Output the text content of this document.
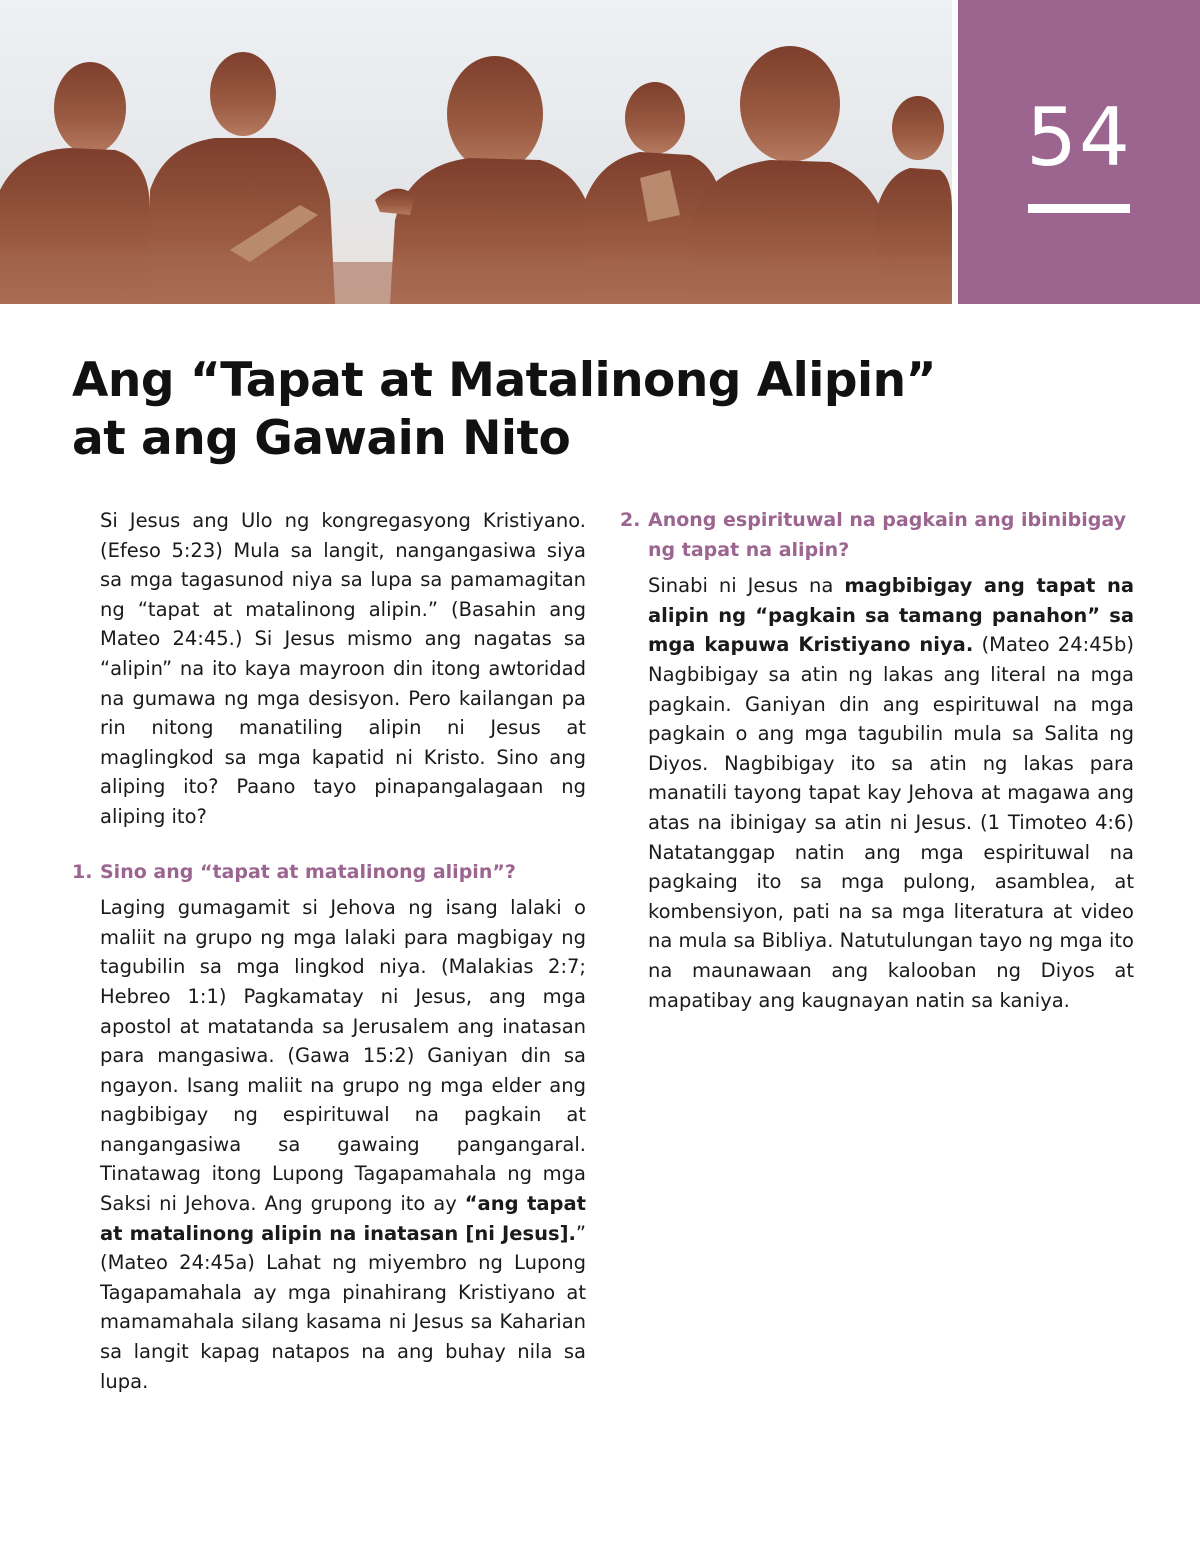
54
Ang “Tapat at Matalinong Alipin”
at ang Gawain Nito

Si Jesus ang Ulo ng kongregasyong Kristiyano. (Efeso 5:23) Mula sa langit, nangangasiwa siya sa mga tagasunod niya sa lupa sa pamamagitan ng “tapat at matalinong alipin.” (Basahin ang Mateo 24:45.) Si Jesus mismo ang nagatas sa “alipin” na ito kaya mayroon din itong awtoridad na gumawa ng mga desisyon. Pero kailangan pa rin nitong manatiling alipin ni Jesus at maglingkod sa mga kapatid ni Kristo. Sino ang aliping ito? Paano tayo pinapangalagaan ng aliping ito?

1. Sino ang “tapat at matalinong alipin”?

Laging gumagamit si Jehova ng isang lalaki o maliit na grupo ng mga lalaki para magbigay ng tagubilin sa mga lingkod niya. (Malakias 2:7; Hebreo 1:1) Pagkamatay ni Jesus, ang mga apostol at matatanda sa Jerusalem ang inatasan para mangasiwa. (Gawa 15:2) Ganiyan din sa ngayon. Isang maliit na grupo ng mga elder ang nagbibigay ng espirituwal na pagkain at nangangasiwa sa gawaing pangangaral. Tinatawag itong Lupong Tagapamahala ng mga Saksi ni Jehova. Ang grupong ito ay “ang tapat at matalinong alipin na inatasan [ni Jesus].” (Mateo 24:45a) Lahat ng miyembro ng Lupong Tagapamahala ay mga pinahirang Kristiyano at mamamahala silang kasama ni Jesus sa Kaharian sa langit kapag natapos na ang buhay nila sa lupa.

2. Anong espirituwal na pagkain ang ibinibigay ng tapat na alipin?

Sinabi ni Jesus na magbibigay ang tapat na alipin ng “pagkain sa tamang panahon” sa mga kapuwa Kristiyano niya. (Mateo 24:45b) Nagbibigay sa atin ng lakas ang literal na mga pagkain. Ganiyan din ang espirituwal na mga pagkain o ang mga tagubilin mula sa Salita ng Diyos. Nagbibigay ito sa atin ng lakas para manatili tayong tapat kay Jehova at magawa ang atas na ibinigay sa atin ni Jesus. (1 Timoteo 4:6) Natatanggap natin ang mga espirituwal na pagkaing ito sa mga pulong, asamblea, at kombensiyon, pati na sa mga literatura at video na mula sa Bibliya. Natutulungan tayo ng mga ito na maunawaan ang kalooban ng Diyos at mapatibay ang kaugnayan natin sa kaniya.
